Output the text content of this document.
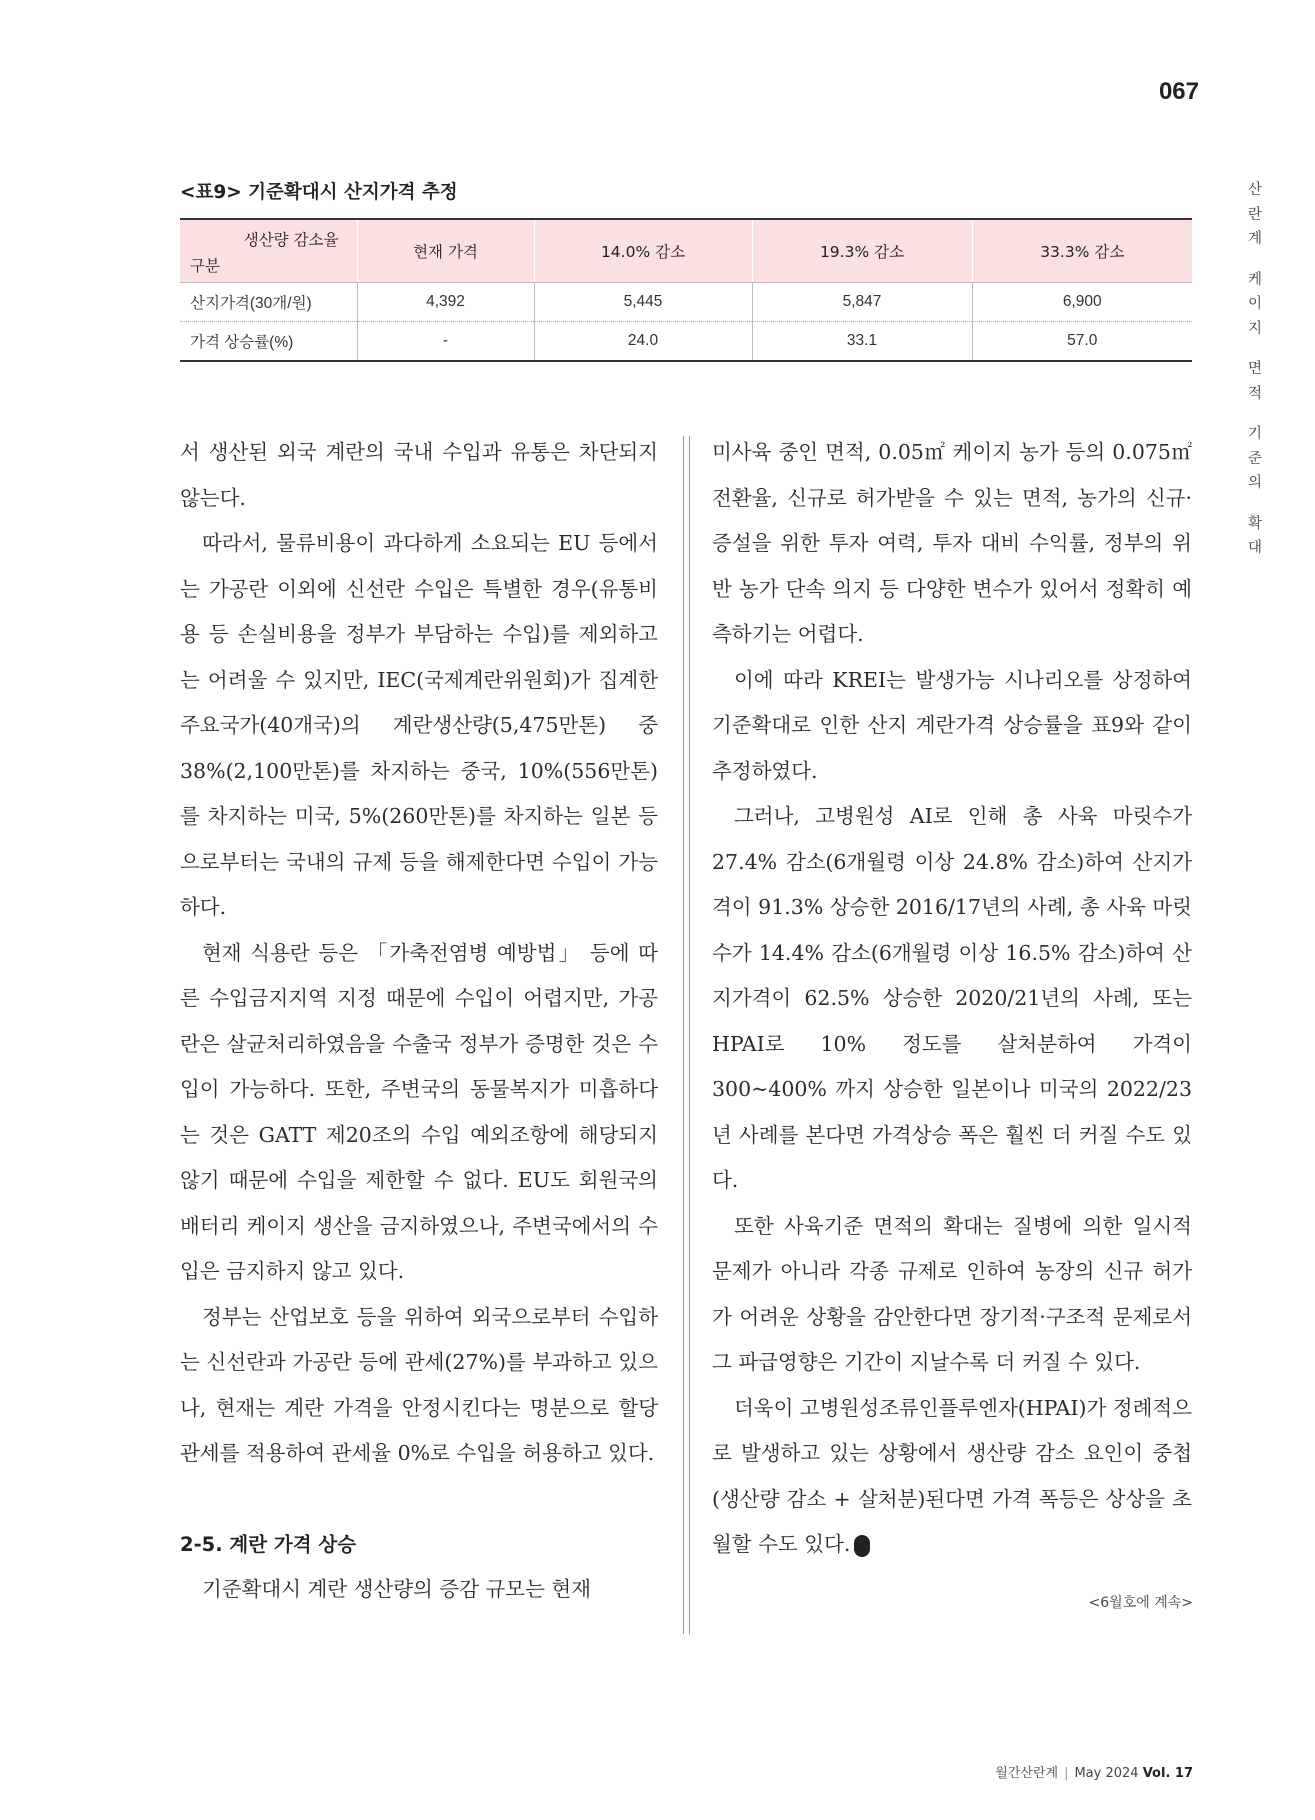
067
산
란
계
케
이
지
면
적
기
준
의
확
대
<표9> 기준확대시 산지가격 추정
생산량 감소율
구분	현재 가격	14.0% 감소	19.3% 감소	33.3% 감소
산지가격(30개/원)	4,392	5,445	5,847	6,900
가격 상승률(%)	-	24.0	33.1	57.0

서 생산된 외국 계란의 국내 수입과 유통은 차단되지 않는다.

따라서, 물류비용이 과다하게 소요되는 EU 등에서는 가공란 이외에 신선란 수입은 특별한 경우(유통비용 등 손실비용을 정부가 부담하는 수입)를 제외하고는 어려울 수 있지만, IEC(국제계란위원회)가 집계한 주요국가(40개국)의 계란생산량(5,475만톤) 중 38%(2,100만톤)를 차지하는 중국, 10%(556만톤)를 차지하는 미국, 5%(260만톤)를 차지하는 일본 등으로부터는 국내의 규제 등을 해제한다면 수입이 가능하다.

현재 식용란 등은 「가축전염병 예방법」 등에 따른 수입금지지역 지정 때문에 수입이 어렵지만, 가공란은 살균처리하였음을 수출국 정부가 증명한 것은 수입이 가능하다. 또한, 주변국의 동물복지가 미흡하다는 것은 GATT 제20조의 수입 예외조항에 해당되지 않기 때문에 수입을 제한할 수 없다. EU도 회원국의 배터리 케이지 생산을 금지하였으나, 주변국에서의 수입은 금지하지 않고 있다.

정부는 산업보호 등을 위하여 외국으로부터 수입하는 신선란과 가공란 등에 관세(27%)를 부과하고 있으나, 현재는 계란 가격을 안정시킨다는 명분으로 할당관세를 적용하여 관세율 0%로 수입을 허용하고 있다.

2-5. 계란 가격 상승

기준확대시 계란 생산량의 증감 규모는 현재

미사육 중인 면적, 0.05㎡ 케이지 농가 등의 0.075㎡ 전환율, 신규로 허가받을 수 있는 면적, 농가의 신규·증설을 위한 투자 여력, 투자 대비 수익률, 정부의 위반 농가 단속 의지 등 다양한 변수가 있어서 정확히 예측하기는 어렵다.

이에 따라 KREI는 발생가능 시나리오를 상정하여 기준확대로 인한 산지 계란가격 상승률을 표9와 같이 추정하였다.

그러나, 고병원성 AI로 인해 총 사육 마릿수가 27.4% 감소(6개월령 이상 24.8% 감소)하여 산지가격이 91.3% 상승한 2016/17년의 사례, 총 사육 마릿수가 14.4% 감소(6개월령 이상 16.5% 감소)하여 산지가격이 62.5% 상승한 2020/21년의 사례, 또는 HPAI로 10% 정도를 살처분하여 가격이 300~400% 까지 상승한 일본이나 미국의 2022/23년 사례를 본다면 가격상승 폭은 훨씬 더 커질 수도 있다.

또한 사육기준 면적의 확대는 질병에 의한 일시적 문제가 아니라 각종 규제로 인하여 농장의 신규 허가가 어려운 상황을 감안한다면 장기적·구조적 문제로서 그 파급영향은 기간이 지날수록 더 커질 수 있다.

더욱이 고병원성조류인플루엔자(HPAI)가 정례적으로 발생하고 있는 상황에서 생산량 감소 요인이 중첩(생산량 감소 + 살처분)된다면 가격 폭등은 상상을 초월할 수도 있다.	산란

<6월호에 계속>
월간산란계 | May 2024 Vol. 17
